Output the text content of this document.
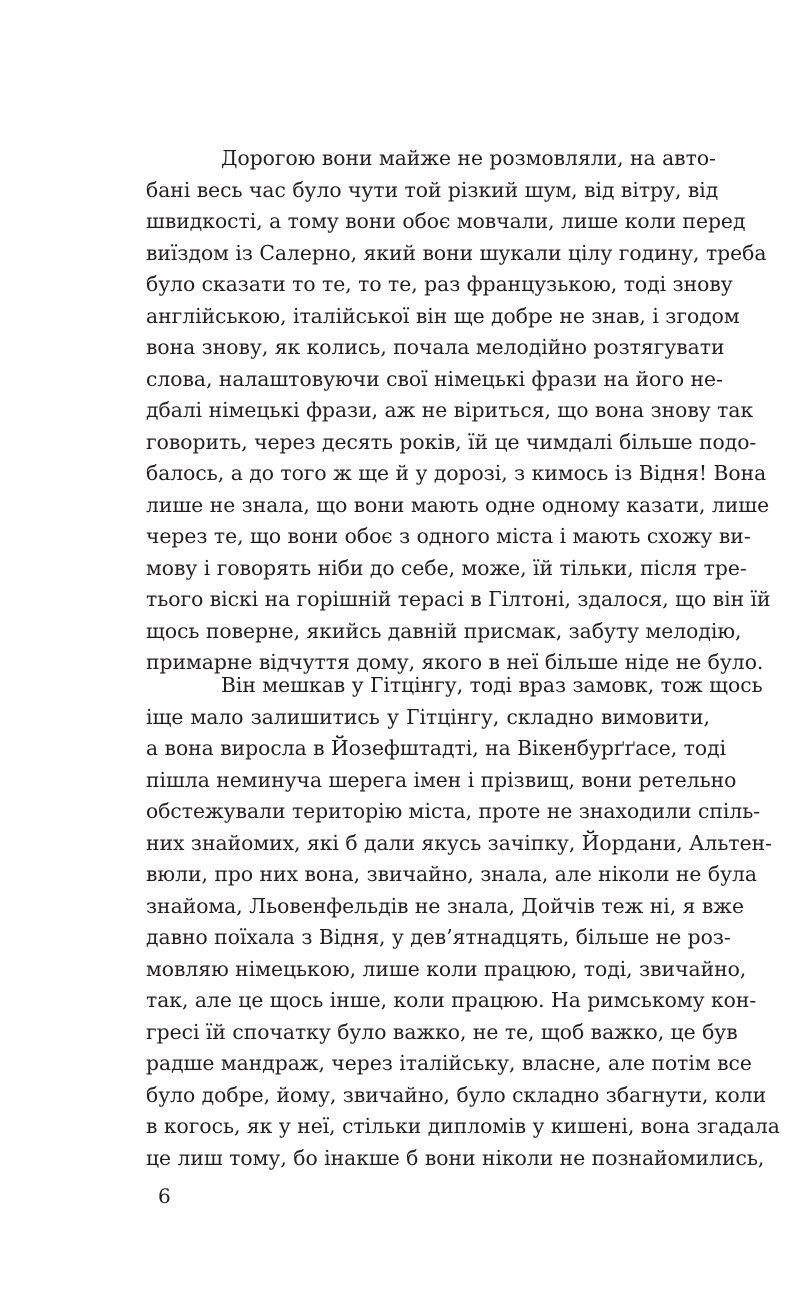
Дорогою вони майже не розмовляли, на авто-
бані весь час було чути той різкий шум, від вітру, від
швидкості, а тому вони обоє мовчали, лише коли перед
виїздом із Салерно, який вони шукали цілу годину, треба
було сказати то те, то те, раз французькою, тоді знову
англійською, італійської він ще добре не знав, і згодом
вона знову, як колись, почала мелодійно розтягувати
слова, налаштовуючи свої німецькі фрази на його не-
дбалі німецькі фрази, аж не віриться, що вона знову так
говорить, через десять років, їй це чимдалі більше подо-
балось, а до того ж ще й у дорозі, з кимось із Відня! Вона
лише не знала, що вони мають одне одному казати, лише
через те, що вони обоє з одного міста і мають схожу ви-
мову і говорять ніби до себе, може, їй тільки, після тре-
тього віскі на горішній терасі в Гілтоні, здалося, що він їй
щось поверне, якийсь давній присмак, забуту мелодію,
примарне відчуття дому, якого в неї більше ніде не було.
Він мешкав у Гітцінгу, тоді враз замовк, тож щось
іще мало залишитись у Гітцінгу, складно вимовити,
а вона виросла в Йозефштадті, на Вікенбурґґасе, тоді
пішла неминуча шерега імен і прізвищ, вони ретельно
обстежували територію міста, проте не знаходили спіль-
них знайомих, які б дали якусь зачіпку, Йордани, Альтен-
вюли, про них вона, звичайно, знала, але ніколи не була
знайома, Льовенфельдів не знала, Дойчів теж ні, я вже
давно поїхала з Відня, у дев’ятнадцять, більше не роз-
мовляю німецькою, лише коли працюю, тоді, звичайно,
так, але це щось інше, коли працюю. На римському кон-
гресі їй спочатку було важко, не те, щоб важко, це був
радше мандраж, через італійську, власне, але потім все
було добре, йому, звичайно, було складно збагнути, коли
в когось, як у неї, стільки дипломів у кишені, вона згадала
це лиш тому, бо інакше б вони ніколи не познайомились,
6
